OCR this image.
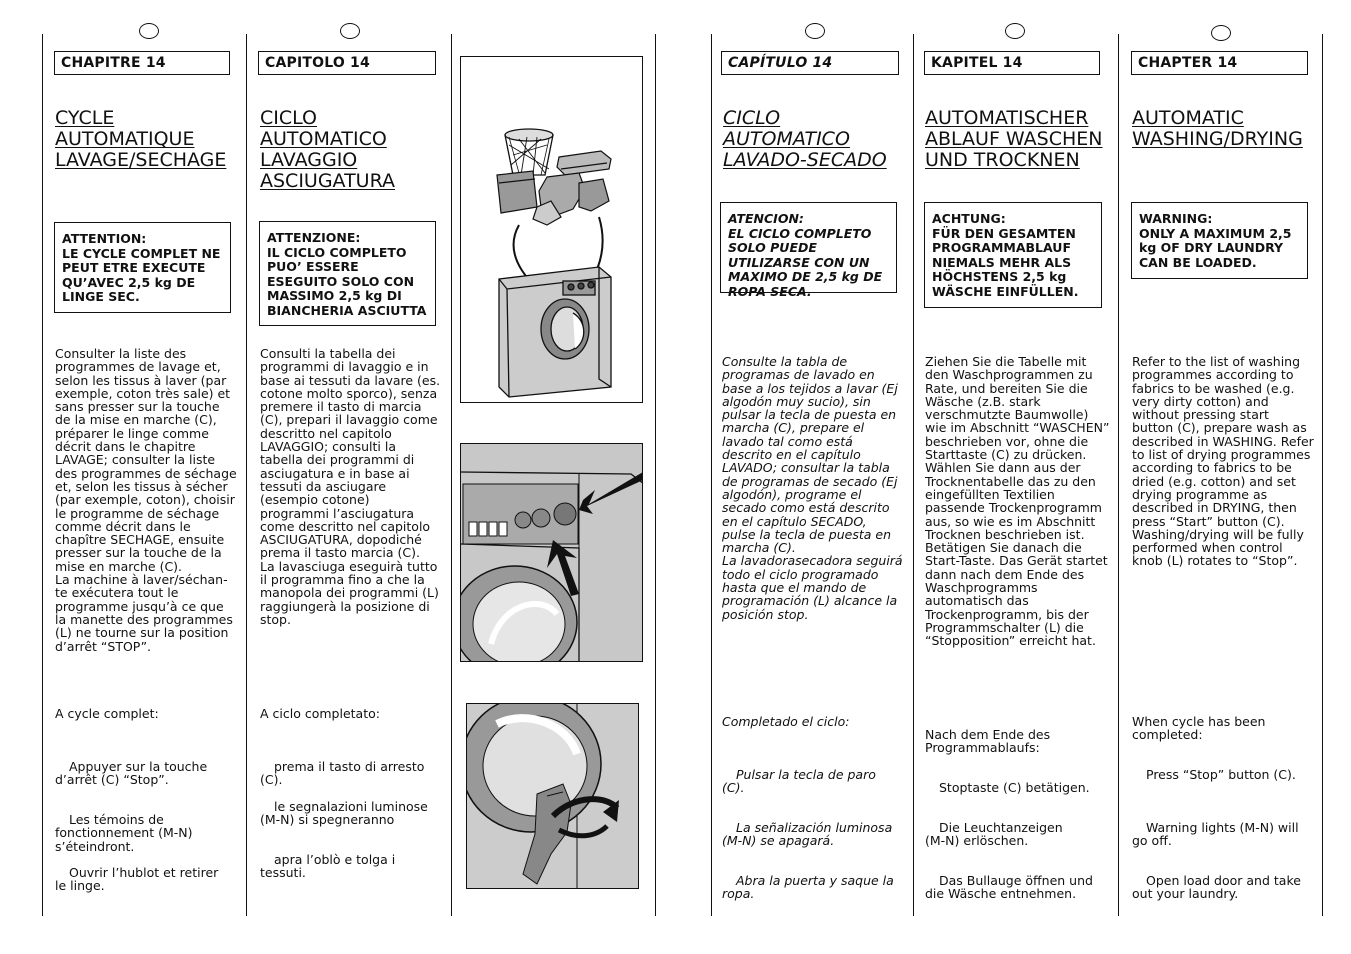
CHAPITRE 14
CYCLE AUTOMATIQUE LAVAGE/SECHAGE
ATTENTION:
LE CYCLE COMPLET NE PEUT ETRE EXECUTE QU’AVEC 2,5 kg DE LINGE SEC.
Consulter la liste des programmes de lavage et, selon les tissus à laver (par exemple, coton très sale) et sans presser sur la touche de la mise en marche (C), préparer le linge comme décrit dans le chapitre LAVAGE; consulter la liste des programmes de séchage et, selon les tissus à sécher (par exemple, coton), choisir le programme de séchage comme décrit dans le chapître SECHAGE, ensuite presser sur la touche de la mise en marche (C).
La machine à laver/séchan-te exécutera tout le programme jusqu’à ce que la manette des programmes (L) ne tourne sur la position d’arrêt “STOP”.
A cycle complet:
Appuyer sur la touche d’arrêt (C) “Stop”.
Les témoins de fonctionnement (M-N) s’éteindront.
Ouvrir l’hublot et retirer le linge.
CAPITOLO 14
CICLO AUTOMATICO LAVAGGIO ASCIUGATURA
ATTENZIONE:
IL CICLO COMPLETO PUO’ ESSERE ESEGUITO SOLO CON MASSIMO 2,5 kg DI BIANCHERIA ASCIUTTA
Consulti la tabella dei programmi di lavaggio e in base ai tessuti da lavare (es. cotone molto sporco), senza premere il tasto di marcia (C), prepari il lavaggio come descritto nel capitolo LAVAGGIO; consulti la tabella dei programmi di asciugatura e in base ai tessuti da asciugare (esempio cotone) programmi l’asciugatura come descritto nel capitolo ASCIUGATURA, dopodiché prema il tasto marcia (C).
La lavasciuga eseguirà tutto il programma fino a che la manopola dei programmi (L) raggiungerà la posizione di stop.
A ciclo completato:
prema il tasto di arresto (C).
le segnalazioni luminose (M-N) si spegneranno
apra l’oblò e tolga i tessuti.
CAPÍTULO 14
CICLO AUTOMATICO LAVADO-SECADO
ATENCION:
EL CICLO COMPLETO SOLO PUEDE UTILIZARSE CON UN MAXIMO DE 2,5 kg DE ROPA SECA.
Consulte la tabla de programas de lavado en base a los tejidos a lavar (Ej algodón muy sucio), sin pulsar la tecla de puesta en marcha (C), prepare el lavado tal como está descrito en el capítulo LAVADO; consultar la tabla de programas de secado (Ej algodón), programe el secado como está descrito en el capítulo SECADO, pulse la tecla de puesta en marcha (C).
La lavadorasecadora seguirá todo el ciclo programado hasta que el mando de programación (L) alcance la posición stop.
Completado el ciclo:
Pulsar la tecla de paro (C).
La señalización luminosa (M-N) se apagará.
Abra la puerta y saque la ropa.
KAPITEL 14
AUTOMATISCHER ABLAUF WASCHEN UND TROCKNEN
ACHTUNG:
FÜR DEN GESAMTEN PROGRAMMABLAUF NIEMALS MEHR ALS HÖCHSTENS 2,5 kg WÄSCHE EINFÜLLEN.
Ziehen Sie die Tabelle mit den Waschprogrammen zu Rate, und bereiten Sie die Wäsche (z.B. stark verschmutzte Baumwolle) wie im Abschnitt “WASCHEN” beschrieben vor, ohne die Starttaste (C) zu drücken. Wählen Sie dann aus der Trocknentabelle das zu den eingefüllten Textilien passende Trockenprogramm aus, so wie es im Abschnitt Trocknen beschrieben ist. Betätigen Sie danach die Start-Taste. Das Gerät startet dann nach dem Ende des Waschprogramms automatisch das Trockenprogramm, bis der Programmschalter (L) die “Stopposition” erreicht hat.
Nach dem Ende des Programmablaufs:
Stoptaste (C) betätigen.
Die Leuchtanzeigen (M-N) erlöschen.
Das Bullauge öffnen und die Wäsche entnehmen.
CHAPTER 14
AUTOMATIC WASHING/DRYING
WARNING:
ONLY A MAXIMUM 2,5 kg OF DRY LAUNDRY CAN BE LOADED.
Refer to the list of washing programmes according to fabrics to be washed (e.g. very dirty cotton) and without pressing start button (C), prepare wash as described in WASHING. Refer to list of drying programmes according to fabrics to be dried (e.g. cotton) and set drying programme as described in DRYING, then press “Start” button (C). Washing/drying will be fully performed when control knob (L) rotates to “Stop”.
When cycle has been completed:
Press “Stop” button (C).
Warning lights (M-N) will go off.
Open load door and take out your laundry.
